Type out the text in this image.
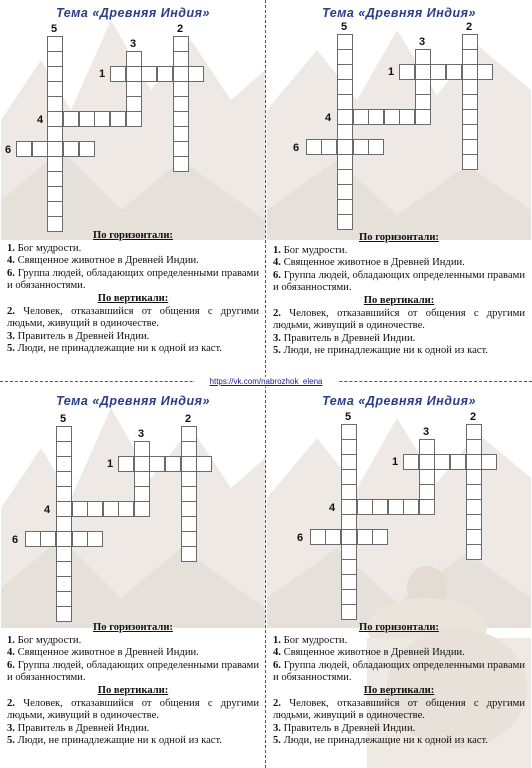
Тема «Древняя Индия»
5	2
3
1
4
6
По горизонтали:

1. Бог мудрости.

4. Священное животное в Древней Индии.

6. Группа людей, обладающих определенными правами и обязанностями.

По вертикали:

2. Человек, отказавшийся от общения с другими людьми, живущий в одиночестве.

3. Правитель в Древней Индии.

5. Люди, не принадлежащие ни к одной из каст.

Тема «Древняя Индия»
5	2
3
1
4
6
По горизонтали:

1. Бог мудрости.

4. Священное животное в Древней Индии.

6. Группа людей, обладающих определенными правами и обязанностями.

По вертикали:

2. Человек, отказавшийся от общения с другими людьми, живущий в одиночестве.

3. Правитель в Древней Индии.

5. Люди, не принадлежащие ни к одной из каст.

Тема «Древняя Индия»
5	2
3
1
4
6
По горизонтали:

1. Бог мудрости.

4. Священное животное в Древней Индии.

6. Группа людей, обладающих определенными правами и обязанностями.

По вертикали:

2. Человек, отказавшийся от общения с другими людьми, живущий в одиночестве.

3. Правитель в Древней Индии.

5. Люди, не принадлежащие ни к одной из каст.

Тема «Древняя Индия»
5	2
3
1
4
6
По горизонтали:

1. Бог мудрости.

4. Священное животное в Древней Индии.

6. Группа людей, обладающих определенными правами и обязанностями.

По вертикали:

2. Человек, отказавшийся от общения с другими людьми, живущий в одиночестве.

3. Правитель в Древней Индии.

5. Люди, не принадлежащие ни к одной из каст.

https://vk.com/nabrozhok_elena
